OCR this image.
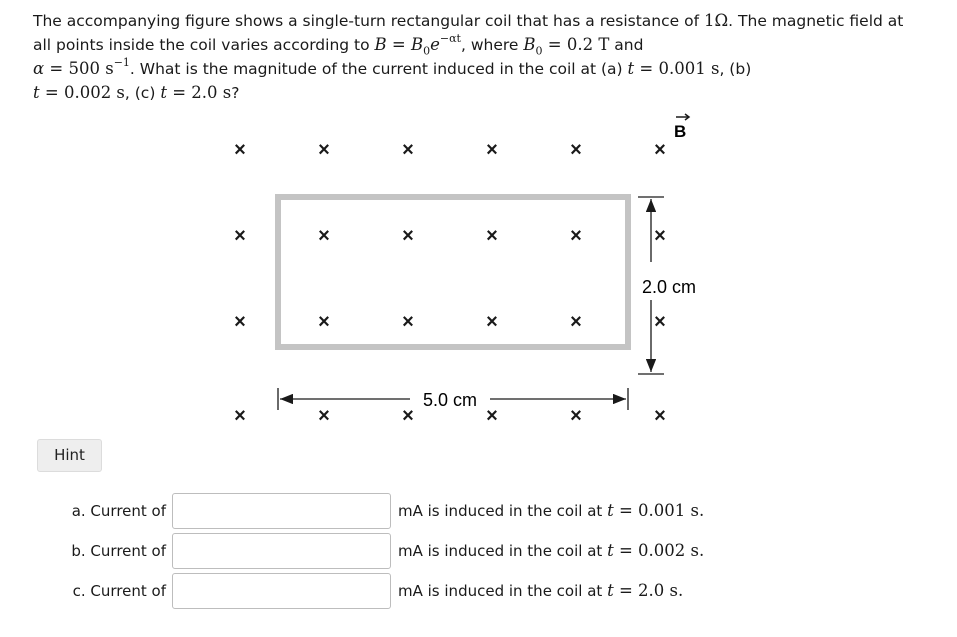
The accompanying figure shows a single-turn rectangular coil that has a resistance of 1Ω. The magnetic field at all points inside the coil varies according to $B = B_0e^{-\alpha t}$, where $B_0 = 0.2$ T and
α = 500 $s^{-1}$. What is the magnitude of the current induced in the coil at (a) t = 0.001 s, (b)
t = 0.002 s, (c) t = 2.0 s?
B
×	×	×	×	×	×
×	×	×	×	×	×
×	×	×	×	×	×
×	×	×	×	×	×
5.0 cm
2.0 cm
Hint
a. Current of	mA is induced in the coil at t = 0.001 s.
b. Current of	mA is induced in the coil at t = 0.002 s.
c. Current of	mA is induced in the coil at t = 2.0 s.
